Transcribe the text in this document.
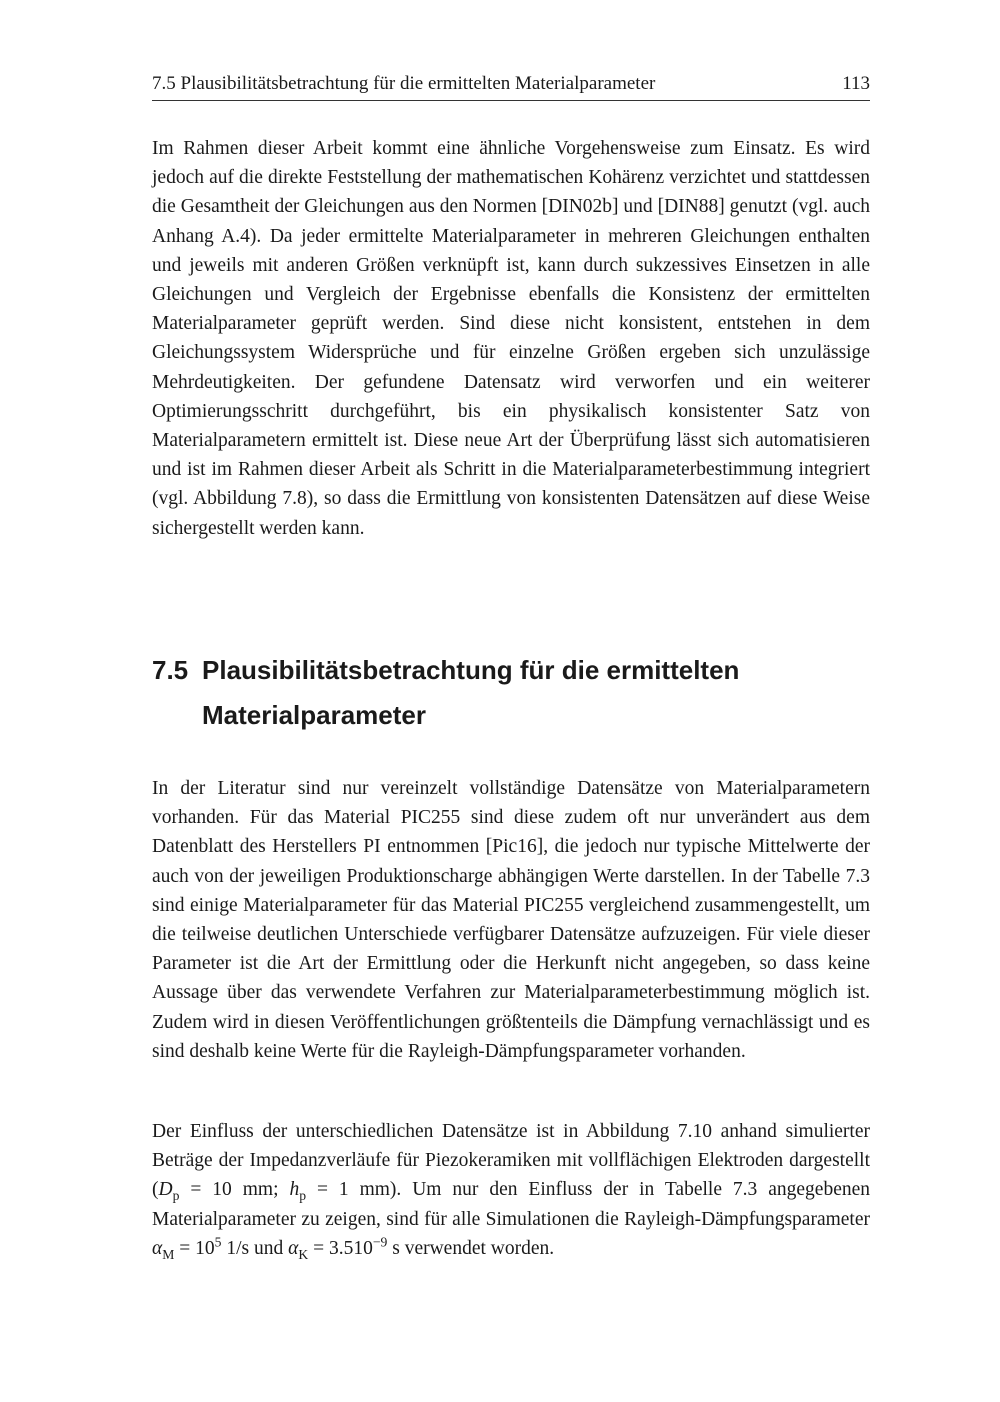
7.5 Plausibilitätsbetrachtung für die ermittelten Materialparameter	113

Im Rahmen dieser Arbeit kommt eine ähnliche Vorgehensweise zum Einsatz. Es wird jedoch auf die direkte Feststellung der mathematischen Kohärenz verzichtet und stattdessen die Gesamtheit der Gleichungen aus den Normen [DIN02b] und [DIN88] genutzt (vgl. auch Anhang A.4). Da jeder ermittelte Materialparameter in mehreren Gleichungen enthalten und jeweils mit anderen Größen verknüpft ist, kann durch sukzessives Einsetzen in alle Gleichungen und Vergleich der Ergebnisse ebenfalls die Konsistenz der ermittelten Materialparameter geprüft werden. Sind diese nicht konsistent, entstehen in dem Gleichungssystem Widersprüche und für einzelne Größen ergeben sich unzulässige Mehrdeutigkeiten. Der gefundene Datensatz wird verworfen und ein weiterer Optimierungsschritt durchgeführt, bis ein physikalisch konsistenter Satz von Materialparametern ermittelt ist. Diese neue Art der Überprüfung lässt sich automatisieren und ist im Rahmen dieser Arbeit als Schritt in die Materialparameterbestimmung integriert (vgl. Abbildung 7.8), so dass die Ermittlung von konsistenten Datensätzen auf diese Weise sichergestellt werden kann.

7.5 Plausibilitätsbetrachtung für die ermittelten
Materialparameter

In der Literatur sind nur vereinzelt vollständige Datensätze von Materialparametern vorhanden. Für das Material PIC255 sind diese zudem oft nur unverändert aus dem Datenblatt des Herstellers PI entnommen [Pic16], die jedoch nur typische Mittelwerte der auch von der jeweiligen Produktionscharge abhängigen Werte darstellen. In der Tabelle 7.3 sind einige Materialparameter für das Material PIC255 vergleichend zusammengestellt, um die teilweise deutlichen Unterschiede verfügbarer Datensätze aufzuzeigen. Für viele dieser Parameter ist die Art der Ermittlung oder die Herkunft nicht angegeben, so dass keine Aussage über das verwendete Verfahren zur Materialparameterbestimmung möglich ist. Zudem wird in diesen Veröffentlichungen größtenteils die Dämpfung vernachlässigt und es sind deshalb keine Werte für die Rayleigh-Dämpfungsparameter vorhanden.

Der Einfluss der unterschiedlichen Datensätze ist in Abbildung 7.10 anhand simulierter Beträge der Impedanzverläufe für Piezokeramiken mit vollflächigen Elektroden dargestellt ($D_p = 10$ mm; $h_p = 1$ mm). Um nur den Einfluss der in Tabelle 7.3 angegebenen Materialparameter zu zeigen, sind für alle Simulationen die Rayleigh-Dämpfungsparameter $\alpha_M = 10^5$ 1/s und $\alpha_K = 3.510^{-9}$ s verwendet worden.
